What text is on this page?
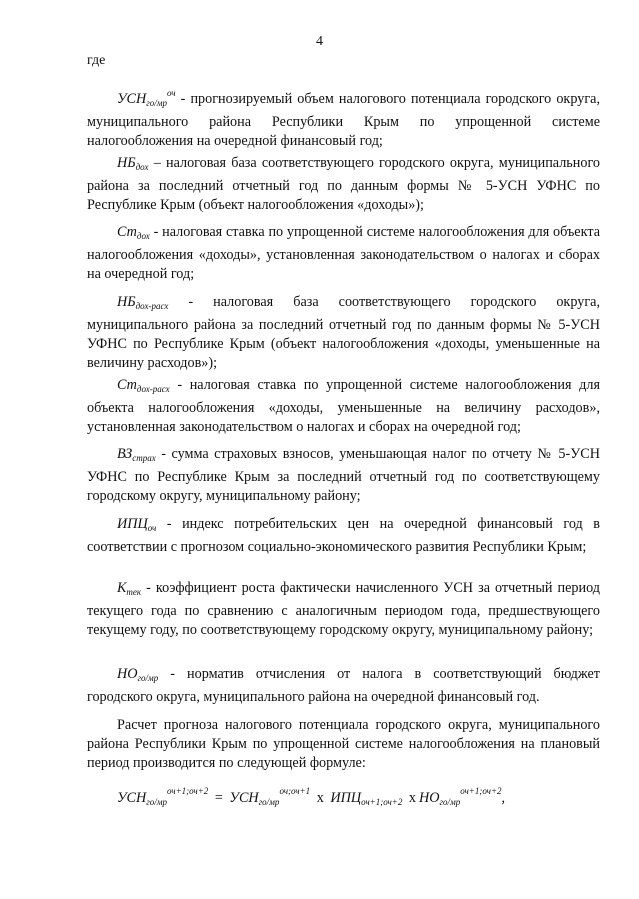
4
где
$УСН_{го/мр}^{оч}$ - прогнозируемый объем налогового потенциала городского округа, муниципального района Республики Крым по упрощенной системе налогообложения на очередной финансовый год;
$НБ_{дох}$ – налоговая база соответствующего городского округа, муниципального района за последний отчетный год по данным формы № 5-УСН УФНС по Республике Крым (объект налогообложения «доходы»);
$Ст_{дох}$ - налоговая ставка по упрощенной системе налогообложения для объекта налогообложения «доходы», установленная законодательством о налогах и сборах на очередной год;
$НБ_{дох-расх}$ - налоговая база соответствующего городского округа, муниципального района за последний отчетный год по данным формы № 5-УСН УФНС по Республике Крым (объект налогообложения «доходы, уменьшенные на величину расходов»);
$Ст_{дох-расх}$ - налоговая ставка по упрощенной системе налогообложения для объекта налогообложения «доходы, уменьшенные на величину расходов», установленная законодательством о налогах и сборах на очередной год;
$ВЗ_{страх}$ - сумма страховых взносов, уменьшающая налог по отчету № 5-УСН УФНС по Республике Крым за последний отчетный год по соответствующему городскому округу, муниципальному району;
$ИПЦ_{оч}$ - индекс потребительских цен на очередной финансовый год в соответствии с прогнозом социально-экономического развития Республики Крым;
$К_{тек}$ - коэффициент роста фактически начисленного УСН за отчетный период текущего года по сравнению с аналогичным периодом года, предшествующего текущему году, по соответствующему городскому округу, муниципальному району;
$НО_{го/мр}$ - норматив отчисления от налога в соответствующий бюджет городского округа, муниципального района на очередной финансовый год.
Расчет прогноза налогового потенциала городского округа, муниципального района Республики Крым по упрощенной системе налогообложения на плановый период производится по следующей формуле:
$УСН_{го/мр}^{оч+1;оч+2} = УСН_{го/мр}^{оч;оч+1}$ x $ИПЦ_{оч+1;оч+2}$ x $НО_{го/мр}^{оч+1;оч+2}$,
